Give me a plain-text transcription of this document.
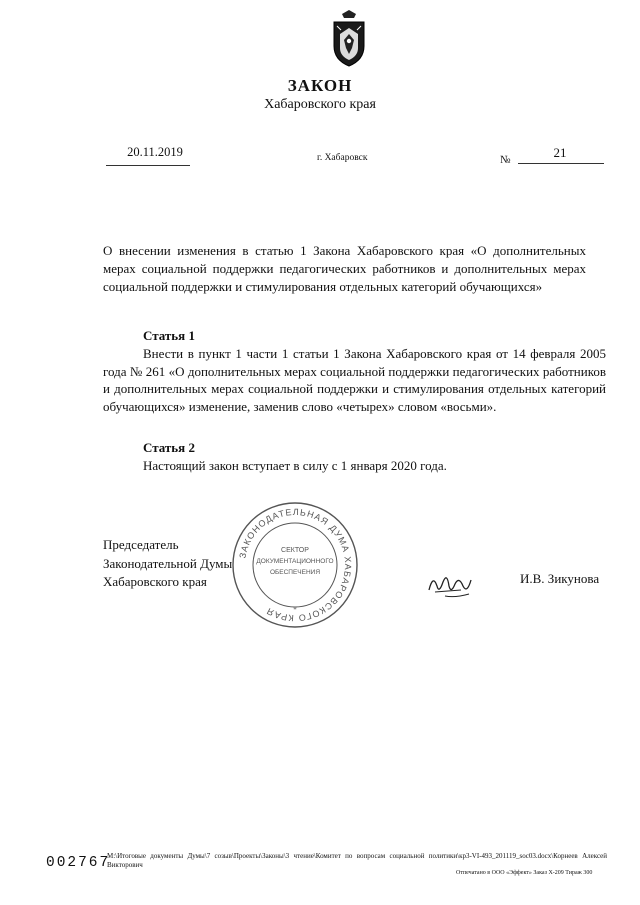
ЗАКОН
Хабаровского края
20.11.2019	г. Хабаровск	№	21
О внесении изменения в статью 1 Закона Хабаровского края «О дополнительных мерах социальной поддержки педагогических работников и дополнительных мерах социальной поддержки и стимулирования отдельных категорий обучающихся»
Статья 1
Внести в пункт 1 части 1 статьи 1 Закона Хабаровского края от 14 февраля 2005 года № 261 «О дополнительных мерах социальной поддержки педагогических работников и дополнительных мерах социальной поддержки и стимулирования отдельных категорий обучающихся» изменение, заменив слово «четырех» словом «восьми».
Статья 2
Настоящий закон вступает в силу с 1 января 2020 года.
Председатель
Законодательной Думы
Хабаровского края
ЗАКОНОДАТЕЛЬНАЯ ДУМА ХАБАРОВСКОГО КРАЯ
СЕКТОР
ДОКУМЕНТАЦИОННОГО
ОБЕСПЕЧЕНИЯ
*
И.В. Зикунова
002767
М:\Итоговые документы Думы\7 созыв\Проекты\Законы\3 чтение\Комитет по вопросам социальной политики\кр3-VI-493_201119_soc03.docx\Корнеев Алексей Викторович
Отпечатано в ООО «Эффект» Заказ Х-209 Тираж 300
